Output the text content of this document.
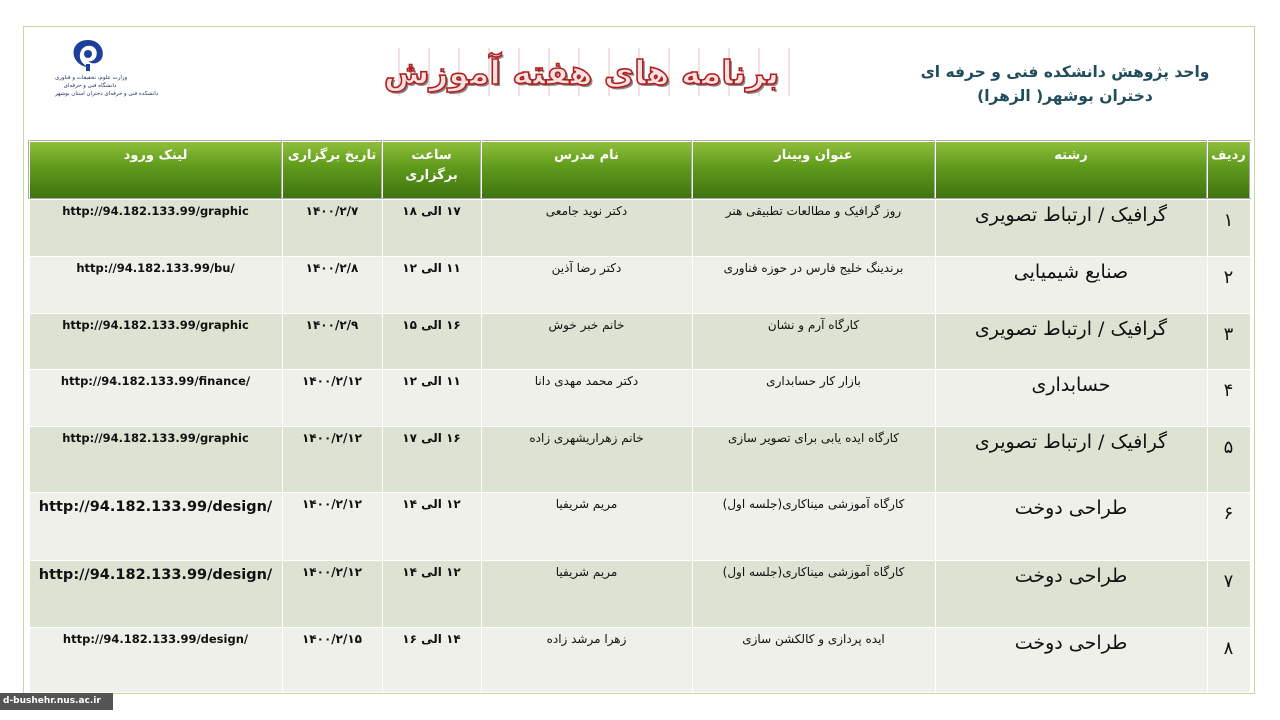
وزارت علوم، تحقیقات و فناوری
دانشگاه فنی و حرفه‌ای
دانشکده فنی و حرفه‌ای دختران استان بوشهر
برنامه های هفته آموزش	واحد پژوهش دانشکده فنی و حرفه ای
دختران بوشهر( الزهرا)
ردیف	رشته	عنوان وبینار	نام مدرس	ساعت برگزاری	تاریخ برگزاری	لینک ورود
۱	گرافیک / ارتباط تصویری	روز گرافیک و مطالعات تطبیقی هنر	دکتر نوید جامعی	۱۷ الی ۱۸	۱۴۰۰/۲/۷	http://94.182.133.99/graphic
۲	صنایع شیمیایی	برندینگ خلیج فارس در حوزه فناوری	دکتر رضا آذین	۱۱ الی ۱۲	۱۴۰۰/۲/۸	http://94.182.133.99/bu/
۳	گرافیک / ارتباط تصویری	کارگاه آرم و نشان	خانم خبر خوش	۱۶ الی ۱۵	۱۴۰۰/۲/۹	http://94.182.133.99/graphic
۴	حسابداری	بازار کار حسابداری	دکتر محمد مهدی دانا	۱۱ الی ۱۲	۱۴۰۰/۲/۱۲	http://94.182.133.99/finance/
۵	گرافیک / ارتباط تصویری	کارگاه ایده یابی برای تصویر سازی	خانم زهراریشهری زاده	۱۶ الی ۱۷	۱۴۰۰/۲/۱۲	http://94.182.133.99/graphic
۶	طراحی دوخت	کارگاه آموزشی میناکاری(جلسه اول)	مریم شریفیا	۱۲ الی ۱۴	۱۴۰۰/۲/۱۲	http://94.182.133.99/design/
۷	طراحی دوخت	کارگاه آموزشی میناکاری(جلسه اول)	مریم شریفیا	۱۲ الی ۱۴	۱۴۰۰/۲/۱۲	http://94.182.133.99/design/
۸	طراحی دوخت	ایده پردازی و کالکشن سازی	زهرا مرشد زاده	۱۴ الی ۱۶	۱۴۰۰/۲/۱۵	http://94.182.133.99/design/
d-bushehr.nus.ac.ir
